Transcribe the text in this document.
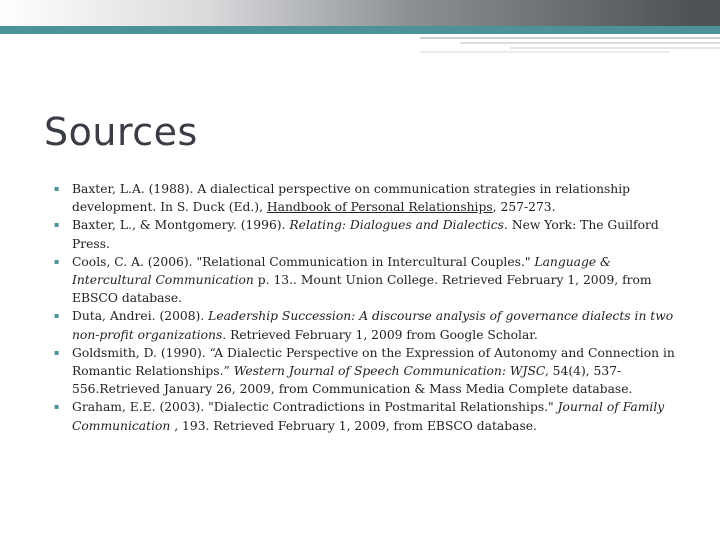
Sources
▪	Baxter, L.A. (1988). A dialectical perspective on communication strategies in relationship development. In S. Duck (Ed.), Handbook of Personal Relationships, 257-273.
▪	Baxter, L., & Montgomery. (1996). Relating: Dialogues and Dialectics. New York: The Guilford Press.
▪	Cools, C. A. (2006). "Relational Communication in Intercultural Couples." Language & Intercultural Communication p. 13.. Mount Union College. Retrieved February 1, 2009, from EBSCO database.
▪	Duta, Andrei. (2008). Leadership Succession: A discourse analysis of governance dialects in two non-profit organizations. Retrieved February 1, 2009 from Google Scholar.
▪	Goldsmith, D. (1990). “A Dialectic Perspective on the Expression of Autonomy and Connection in Romantic Relationships.” Western Journal of Speech Communication: WJSC, 54(4), 537-556.Retrieved January 26, 2009, from Communication & Mass Media Complete database.
▪	Graham, E.E. (2003). "Dialectic Contradictions in Postmarital Relationships." Journal of Family Communication , 193. Retrieved February 1, 2009, from EBSCO database.
